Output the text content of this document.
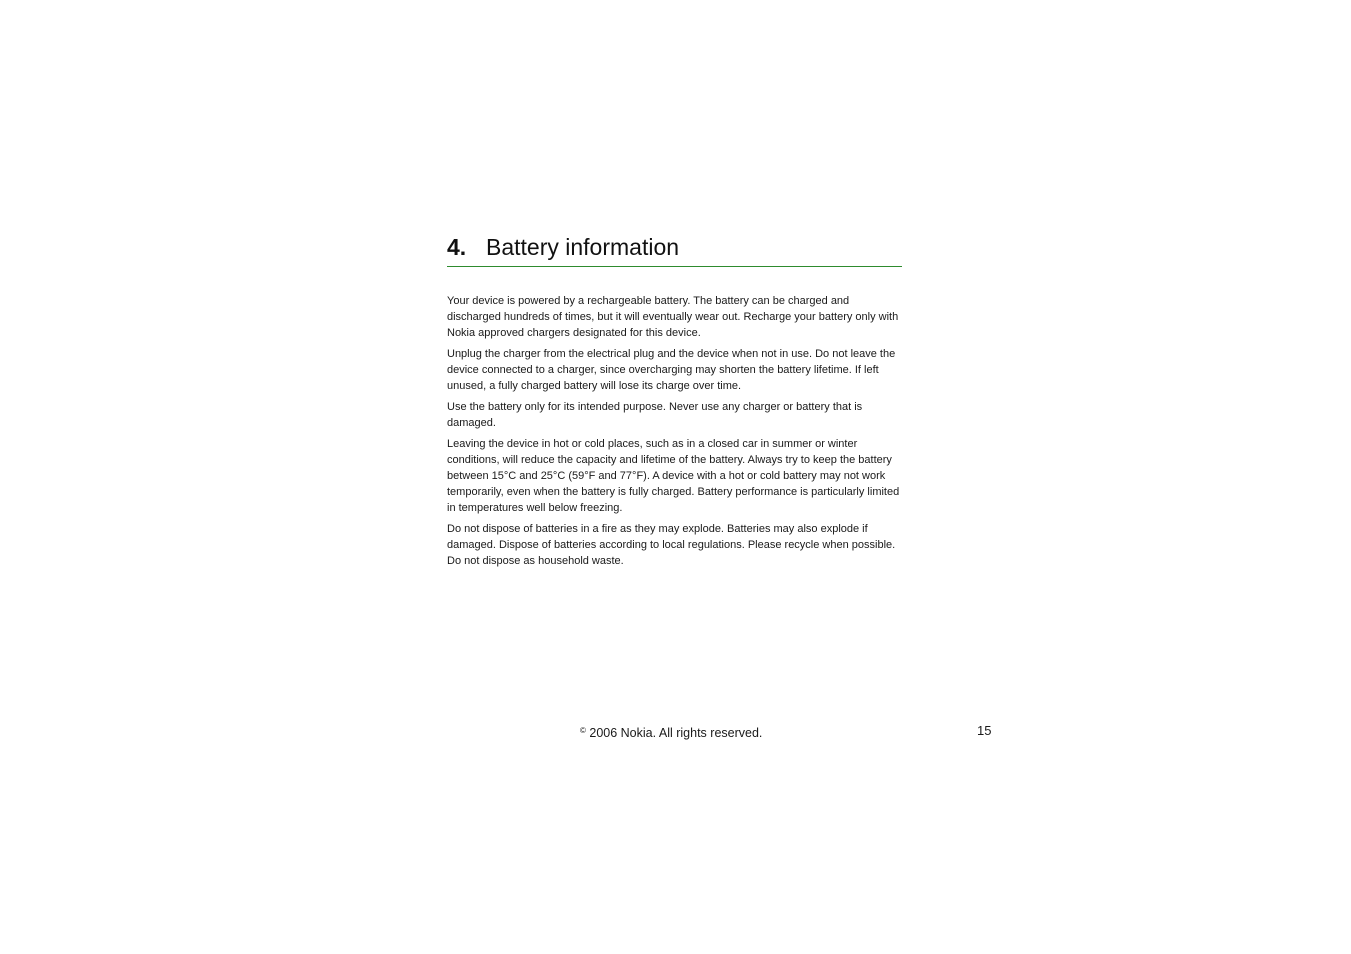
4. Battery information

Your device is powered by a rechargeable battery. The battery can be charged and discharged hundreds of times, but it will eventually wear out. Recharge your battery only with Nokia approved chargers designated for this device.

Unplug the charger from the electrical plug and the device when not in use. Do not leave the device connected to a charger, since overcharging may shorten the battery lifetime. If left unused, a fully charged battery will lose its charge over time.

Use the battery only for its intended purpose. Never use any charger or battery that is damaged.

Leaving the device in hot or cold places, such as in a closed car in summer or winter conditions, will reduce the capacity and lifetime of the battery. Always try to keep the battery between 15°C and 25°C (59°F and 77°F). A device with a hot or cold battery may not work temporarily, even when the battery is fully charged. Battery performance is particularly limited in temperatures well below freezing.

Do not dispose of batteries in a fire as they may explode. Batteries may also explode if damaged. Dispose of batteries according to local regulations. Please recycle when possible. Do not dispose as household waste.

© 2006 Nokia. All rights reserved.	15
